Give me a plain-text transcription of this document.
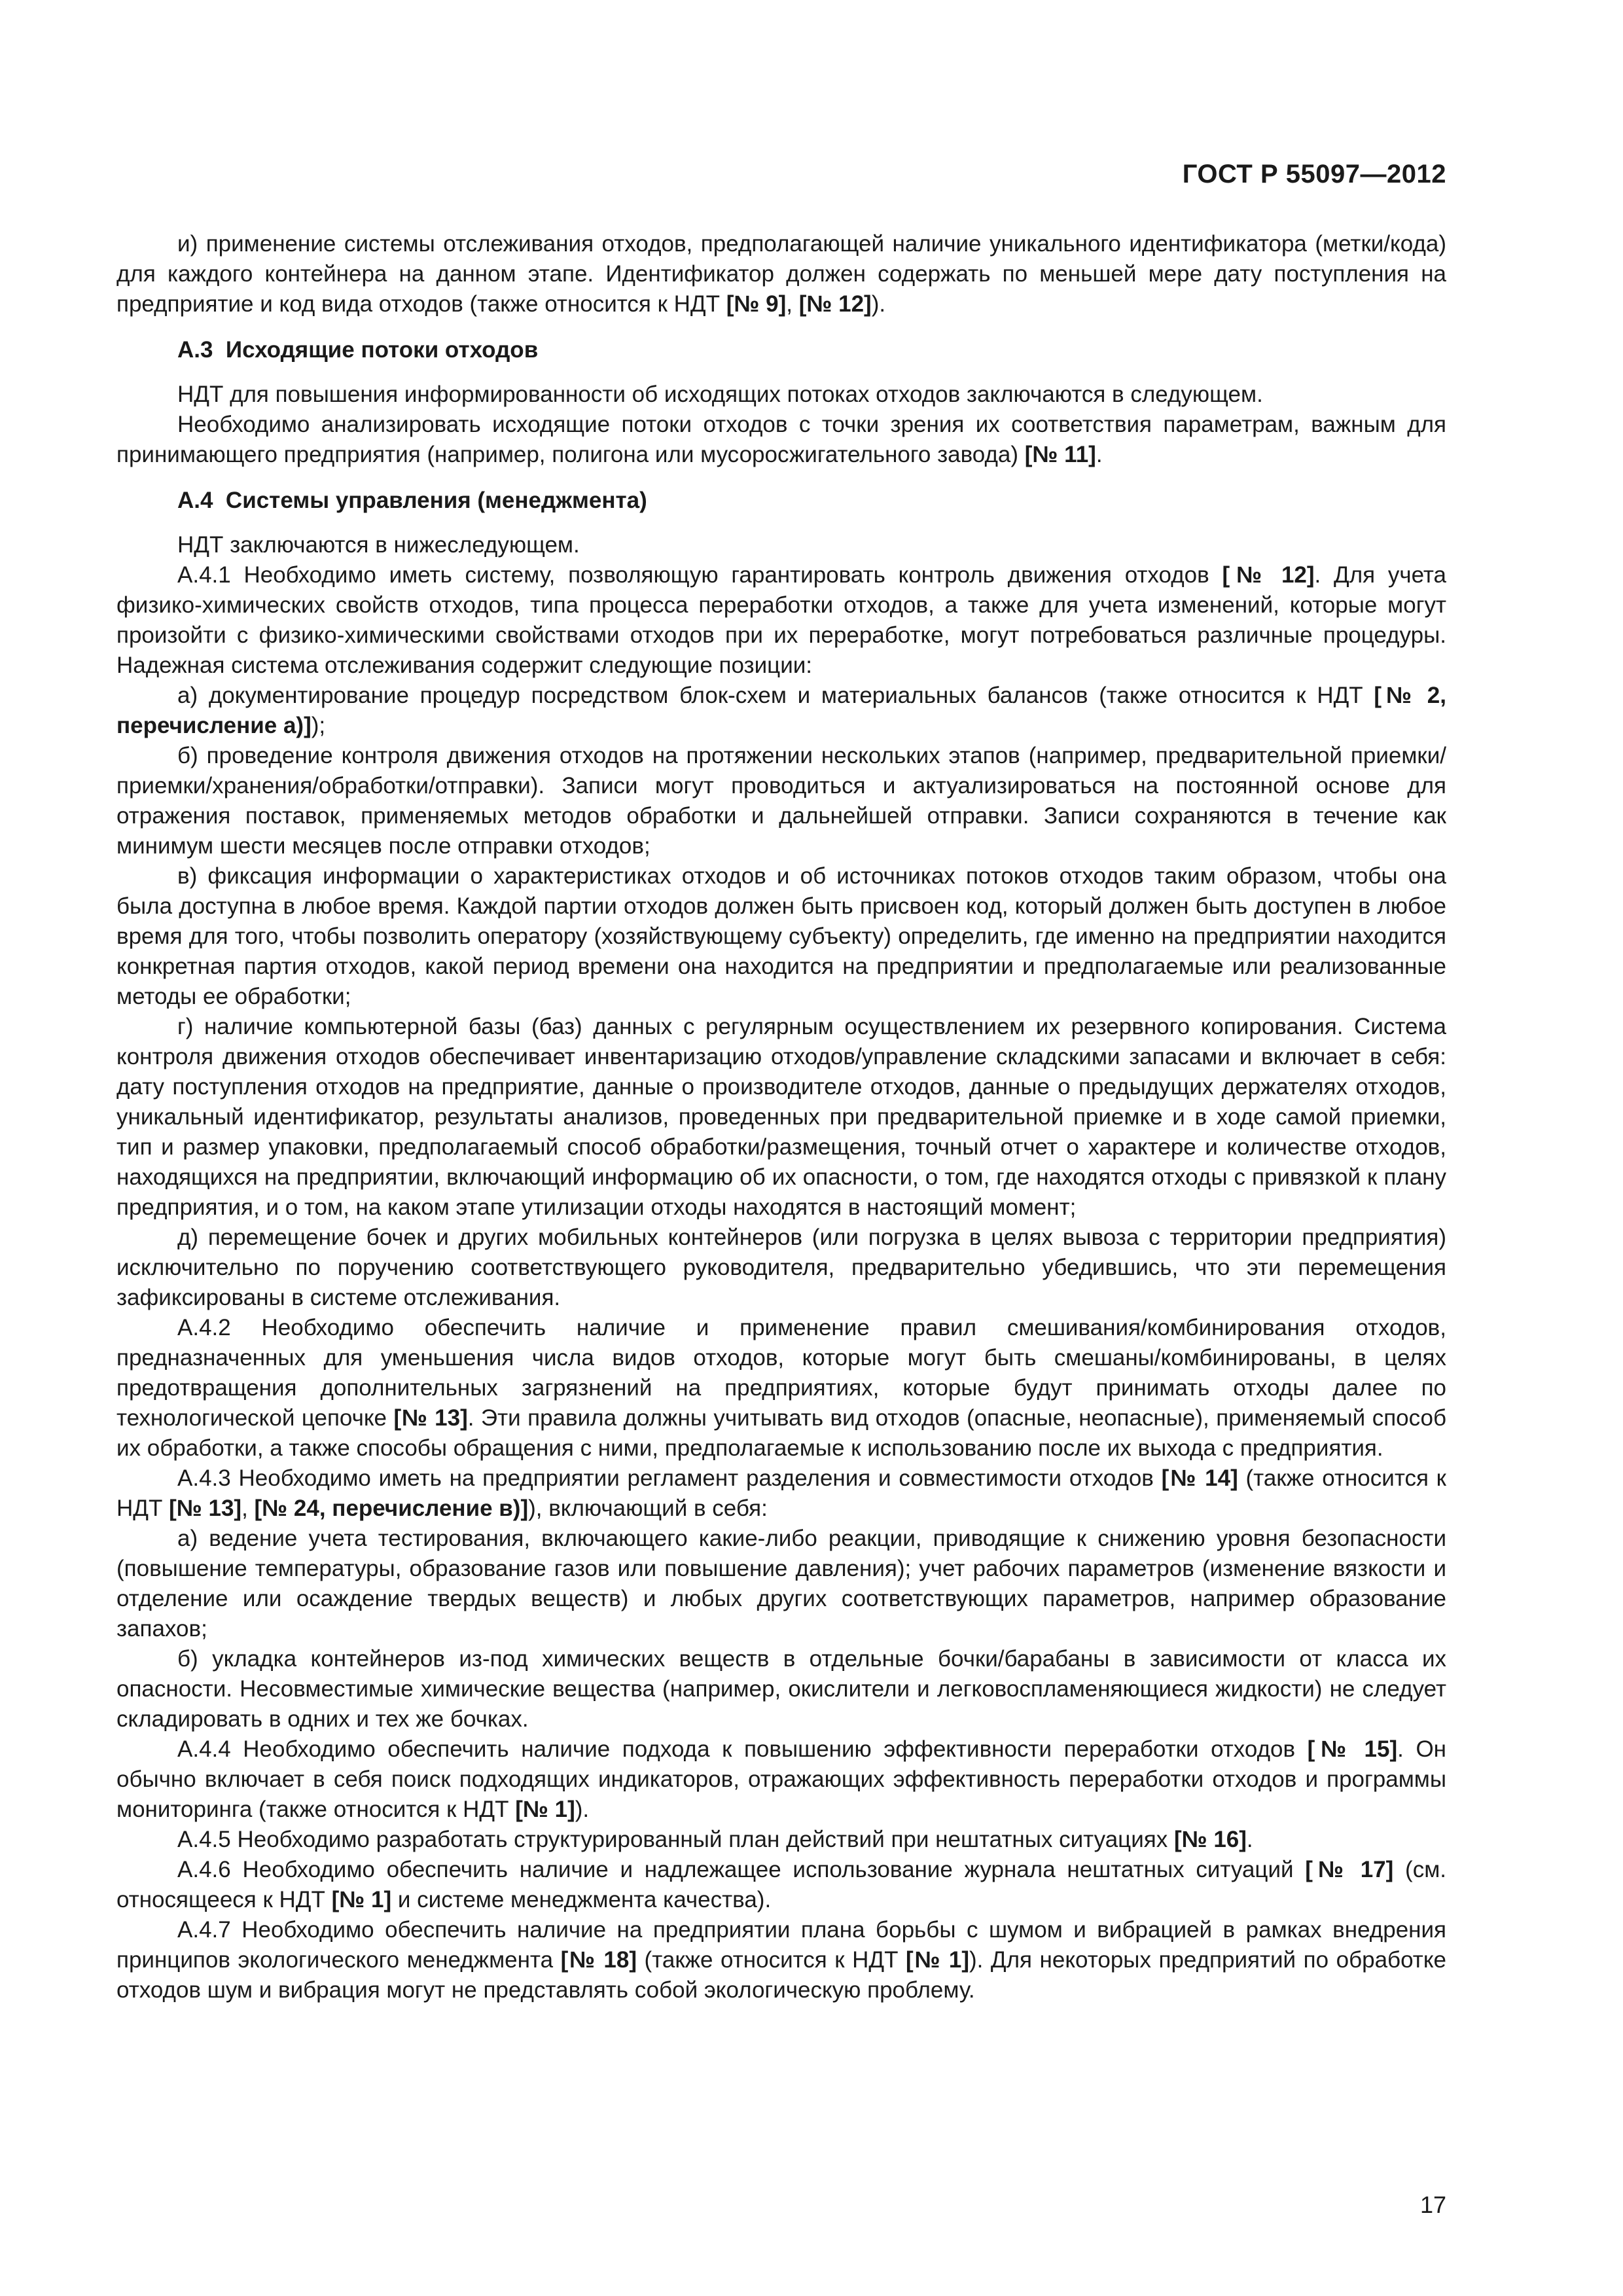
ГОСТ Р 55097—2012

и) применение системы отслеживания отходов, предполагающей наличие уникального идентификатора (метки/кода) для каждого контейнера на данном этапе. Идентификатор должен содержать по меньшей мере дату поступления на предприятие и код вида отходов (также относится к НДТ [№ 9], [№ 12]).

А.3 Исходящие потоки отходов

НДТ для повышения информированности об исходящих потоках отходов заключаются в следующем.

Необходимо анализировать исходящие потоки отходов с точки зрения их соответствия параметрам, важным для принимающего предприятия (например, полигона или мусоросжигательного завода) [№ 11].

А.4 Системы управления (менеджмента)

НДТ заключаются в нижеследующем.

А.4.1 Необходимо иметь систему, позволяющую гарантировать контроль движения отходов [№ 12]. Для учета физико-химических свойств отходов, типа процесса переработки отходов, а также для учета изменений, которые могут произойти с физико-химическими свойствами отходов при их переработке, могут потребоваться различные процедуры. Надежная система отслеживания содержит следующие позиции:

а) документирование процедур посредством блок-схем и материальных балансов (также относится к НДТ [№ 2, перечисление а)]);

б) проведение контроля движения отходов на протяжении нескольких этапов (например, предварительной приемки/приемки/хранения/обработки/отправки). Записи могут проводиться и актуализироваться на постоянной основе для отражения поставок, применяемых методов обработки и дальнейшей отправки. Записи сохраняются в течение как минимум шести месяцев после отправки отходов;

в) фиксация информации о характеристиках отходов и об источниках потоков отходов таким образом, чтобы она была доступна в любое время. Каждой партии отходов должен быть присвоен код, который должен быть доступен в любое время для того, чтобы позволить оператору (хозяйствующему субъекту) определить, где именно на предприятии находится конкретная партия отходов, какой период времени она находится на предприятии и предполагаемые или реализованные методы ее обработки;

г) наличие компьютерной базы (баз) данных с регулярным осуществлением их резервного копирования. Система контроля движения отходов обеспечивает инвентаризацию отходов/управление складскими запасами и включает в себя: дату поступления отходов на предприятие, данные о производителе отходов, данные о предыдущих держателях отходов, уникальный идентификатор, результаты анализов, проведенных при предварительной приемке и в ходе самой приемки, тип и размер упаковки, предполагаемый способ обработки/размещения, точный отчет о характере и количестве отходов, находящихся на предприятии, включающий информацию об их опасности, о том, где находятся отходы с привязкой к плану предприятия, и о том, на каком этапе утилизации отходы находятся в настоящий момент;

д) перемещение бочек и других мобильных контейнеров (или погрузка в целях вывоза с территории предприятия) исключительно по поручению соответствующего руководителя, предварительно убедившись, что эти перемещения зафиксированы в системе отслеживания.

А.4.2 Необходимо обеспечить наличие и применение правил смешивания/комбинирования отходов, предназначенных для уменьшения числа видов отходов, которые могут быть смешаны/комбинированы, в целях предотвращения дополнительных загрязнений на предприятиях, которые будут принимать отходы далее по технологической цепочке [№ 13]. Эти правила должны учитывать вид отходов (опасные, неопасные), применяемый способ их обработки, а также способы обращения с ними, предполагаемые к использованию после их выхода с предприятия.

А.4.3 Необходимо иметь на предприятии регламент разделения и совместимости отходов [№ 14] (также относится к НДТ [№ 13], [№ 24, перечисление в)]), включающий в себя:

а) ведение учета тестирования, включающего какие-либо реакции, приводящие к снижению уровня безопасности (повышение температуры, образование газов или повышение давления); учет рабочих параметров (изменение вязкости и отделение или осаждение твердых веществ) и любых других соответствующих параметров, например образование запахов;

б) укладка контейнеров из-под химических веществ в отдельные бочки/барабаны в зависимости от класса их опасности. Несовместимые химические вещества (например, окислители и легковоспламеняющиеся жидкости) не следует складировать в одних и тех же бочках.

А.4.4 Необходимо обеспечить наличие подхода к повышению эффективности переработки отходов [№ 15]. Он обычно включает в себя поиск подходящих индикаторов, отражающих эффективность переработки отходов и программы мониторинга (также относится к НДТ [№ 1]).

А.4.5 Необходимо разработать структурированный план действий при нештатных ситуациях [№ 16].

А.4.6 Необходимо обеспечить наличие и надлежащее использование журнала нештатных ситуаций [№ 17] (см. относящееся к НДТ [№ 1] и системе менеджмента качества).

А.4.7 Необходимо обеспечить наличие на предприятии плана борьбы с шумом и вибрацией в рамках внедрения принципов экологического менеджмента [№ 18] (также относится к НДТ [№ 1]). Для некоторых предприятий по обработке отходов шум и вибрация могут не представлять собой экологическую проблему.

17
